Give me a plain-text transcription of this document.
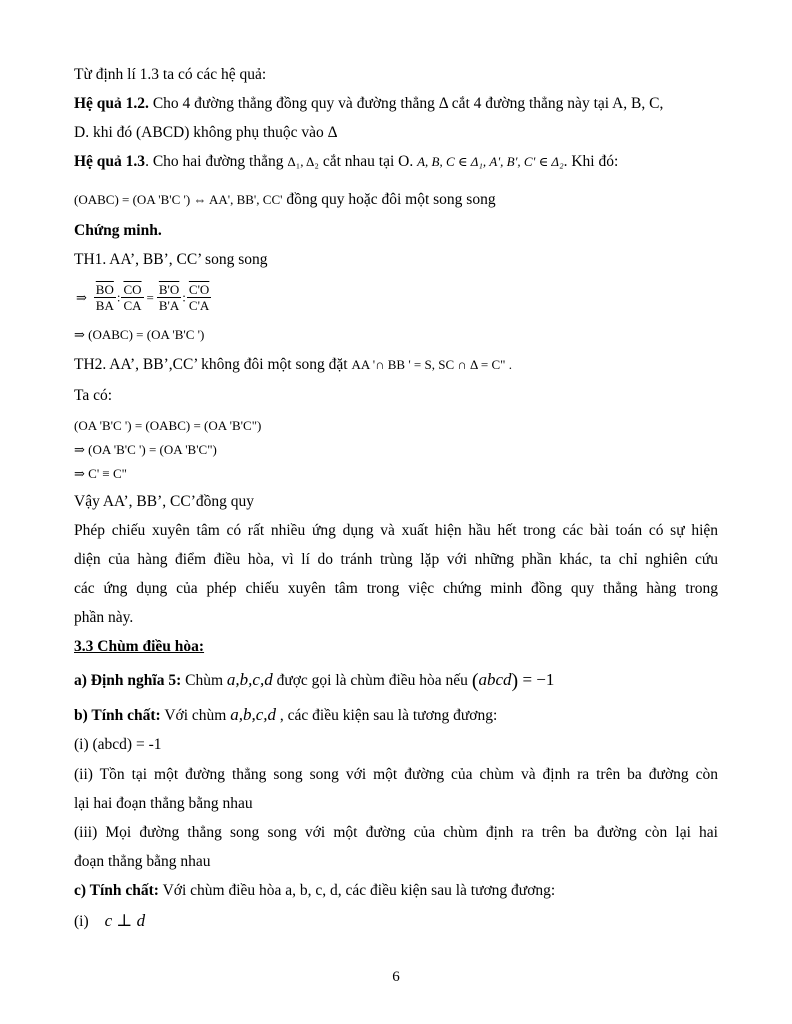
Từ định lí 1.3 ta có các hệ quả:
Hệ quả 1.2. Cho 4 đường thẳng đồng quy và đường thẳng Δ cắt 4 đường thẳng này tại A, B, C,
D. khi đó (ABCD) không phụ thuộc vào Δ
Hệ quả 1.3. Cho hai đường thẳng Δ₁, Δ₂ cắt nhau tại O. A, B, C ∈ Δ₁, A', B', C' ∈ Δ₂. Khi đó:
(OABC) = (OA 'B'C ') ⇔ AA', BB', CC' đồng quy hoặc đôi một song song
Chứng minh.
TH1. AA’, BB’, CC’ song song
⇒ $\frac{\overline{BO}}{BA}$ : $\frac{\overline{CO}}{CA} = \frac{B'O}{B'A}$ : $\frac{C'O}{C'A}$
⇒ (OABC) = (OA 'B'C ')
TH2. AA’, BB’,CC’ không đôi một song đặt AA '∩ BB ' = S, SC ∩ Δ = C" .
Ta có:
(OA 'B'C ') = (OABC) = (OA 'B'C")
⇒ (OA 'B'C ') = (OA 'B'C")
⇒ C' ≡ C"
Vậy AA’, BB’, CC’đồng quy
Phép chiếu xuyên tâm có rất nhiều ứng dụng và xuất hiện hầu hết trong các bài toán có sự hiện
diện của hàng điểm điều hòa, vì lí do tránh trùng lặp với những phần khác, ta chỉ nghiên cứu
các ứng dụng của phép chiếu xuyên tâm trong việc chứng minh đồng quy thẳng hàng trong
phần này.
3.3 Chùm điều hòa:
a) Định nghĩa 5: Chùm a,b,c,d được gọi là chùm điều hòa nếu (abcd) = −1
b) Tính chất: Với chùm a,b,c,d , các điều kiện sau là tương đương:
(i) (abcd) = -1
(ii) Tồn tại một đường thẳng song song với một đường của chùm và định ra trên ba đường còn
lại hai đoạn thẳng bằng nhau
(iii) Mọi đường thẳng song song với một đường của chùm định ra trên ba đường còn lại hai
đoạn thẳng bằng nhau
c) Tính chất: Với chùm điều hòa a, b, c, d, các điều kiện sau là tương đương:
(i) c ⊥ d
6
